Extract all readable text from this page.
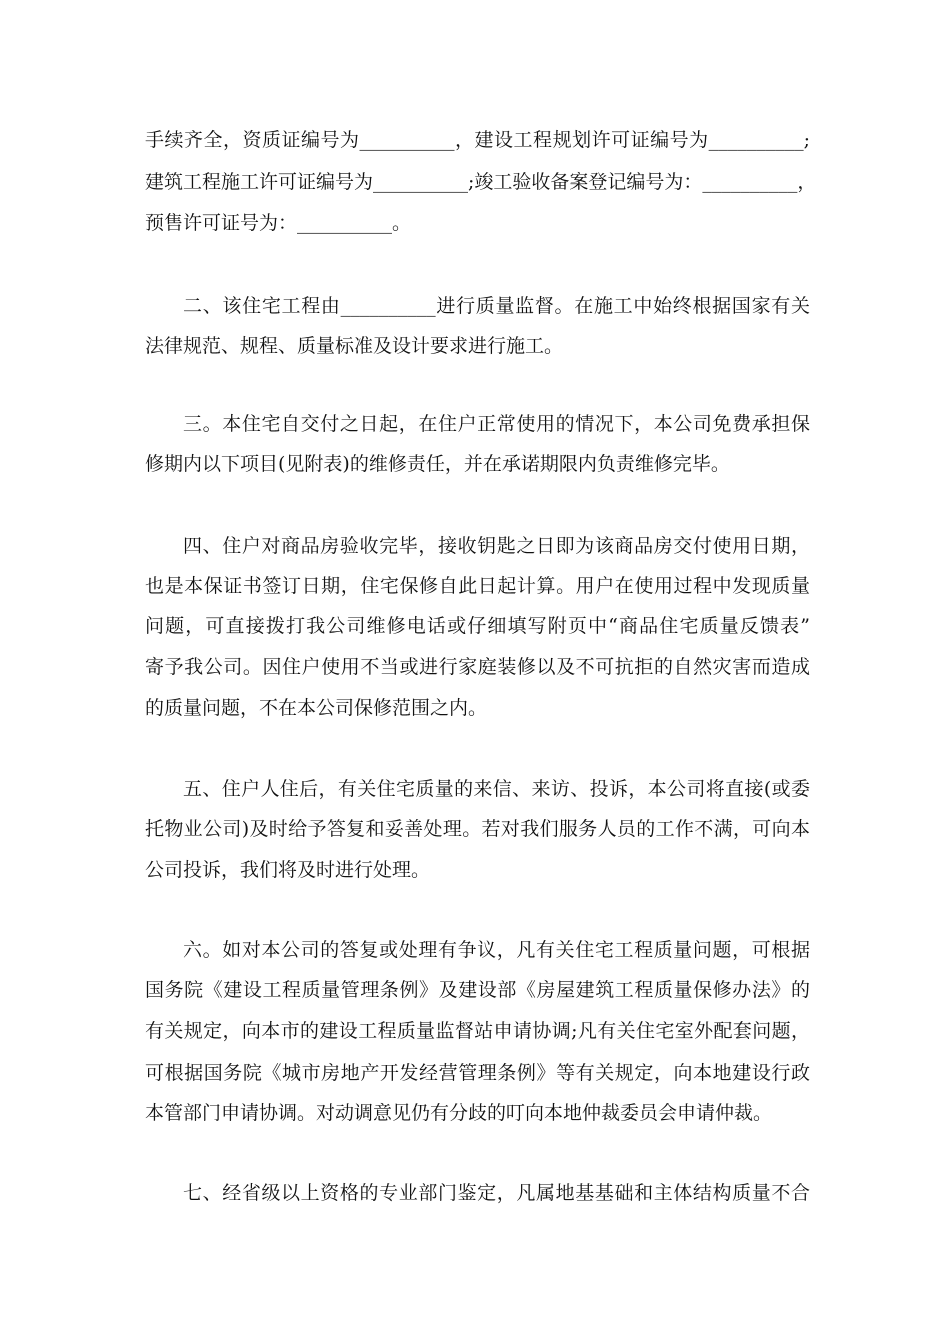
手续齐全，资质证编号为__________，建设工程规划许可证编号为__________;
建筑工程施工许可证编号为__________;竣工验收备案登记编号为：__________，
预售许可证号为：__________。
二、该住宅工程由__________进行质量监督。在施工中始终根据国家有关
法律规范、规程、质量标准及设计要求进行施工。
三。本住宅自交付之日起，在住户正常使用的情况下，本公司免费承担保
修期内以下项目(见附表)的维修责任，并在承诺期限内负责维修完毕。
四、住户对商品房验收完毕，接收钥匙之日即为该商品房交付使用日期，
也是本保证书签订日期，住宅保修自此日起计算。用户在使用过程中发现质量
问题，可直接拨打我公司维修电话或仔细填写附页中“商品住宅质量反馈表”
寄予我公司。因住户使用不当或进行家庭装修以及不可抗拒的自然灾害而造成
的质量问题，不在本公司保修范围之内。
五、住户人住后，有关住宅质量的来信、来访、投诉，本公司将直接(或委
托物业公司)及时给予答复和妥善处理。若对我们服务人员的工作不满，可向本
公司投诉，我们将及时进行处理。
六。如对本公司的答复或处理有争议，凡有关住宅工程质量问题，可根据
国务院《建设工程质量管理条例》及建设部《房屋建筑工程质量保修办法》的
有关规定，向本市的建设工程质量监督站申请协调;凡有关住宅室外配套问题，
可根据国务院《城市房地产开发经营管理条例》等有关规定，向本地建设行政
本管部门申请协调。对动调意见仍有分歧的叮向本地仲裁委员会申请仲裁。
七、经省级以上资格的专业部门鉴定，凡属地基基础和主体结构质量不合
